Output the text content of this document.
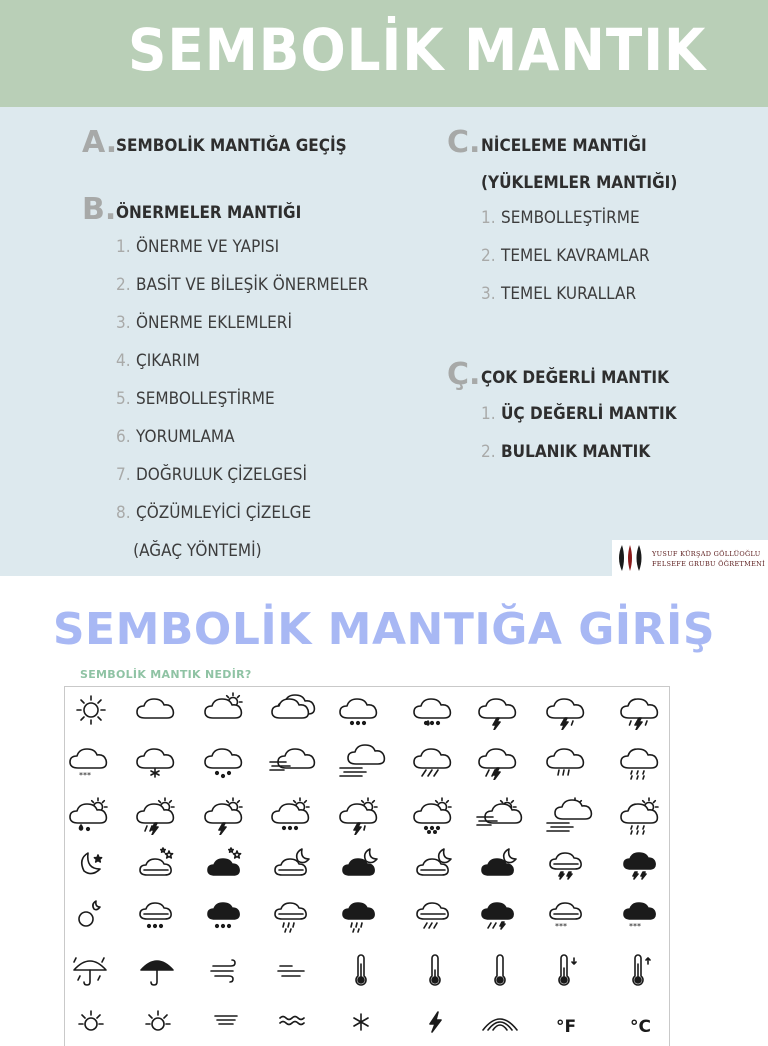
SEMBOLİK MANTIK
A.
SEMBOLİK MANTIĞA GEÇİŞ
B. ÖNERMELER MANTIĞI
1. ÖNERME VE YAPISI
2. BASİT VE BİLEŞİK ÖNERMELER
3. ÖNERME EKLEMLERİ
4. ÇIKARIM
5. SEMBOLLEŞTİRME
6. YORUMLAMA
7. DOĞRULUK ÇİZELGESİ
8. ÇÖZÜMLEYİCİ ÇİZELGE
(AĞAÇ YÖNTEMİ)
C. NİCELEME MANTIĞI
(YÜKLEMLER MANTIĞI)
1. SEMBOLLEŞTİRME
2. TEMEL KAVRAMLAR
3. TEMEL KURALLAR
Ç. ÇOK DEĞERLİ MANTIK
1. ÜÇ DEĞERLİ MANTIK
2. BULANIK MANTIK
YUSUF KÜRŞAD GÖLLÜOĞLU
FELSEFE GRUBU ÖĞRETMENİ
SEMBOLİK MANTIĞA GİRİŞ
SEMBOLİK MANTIK NEDİR?
***
***	***
°F	°C
